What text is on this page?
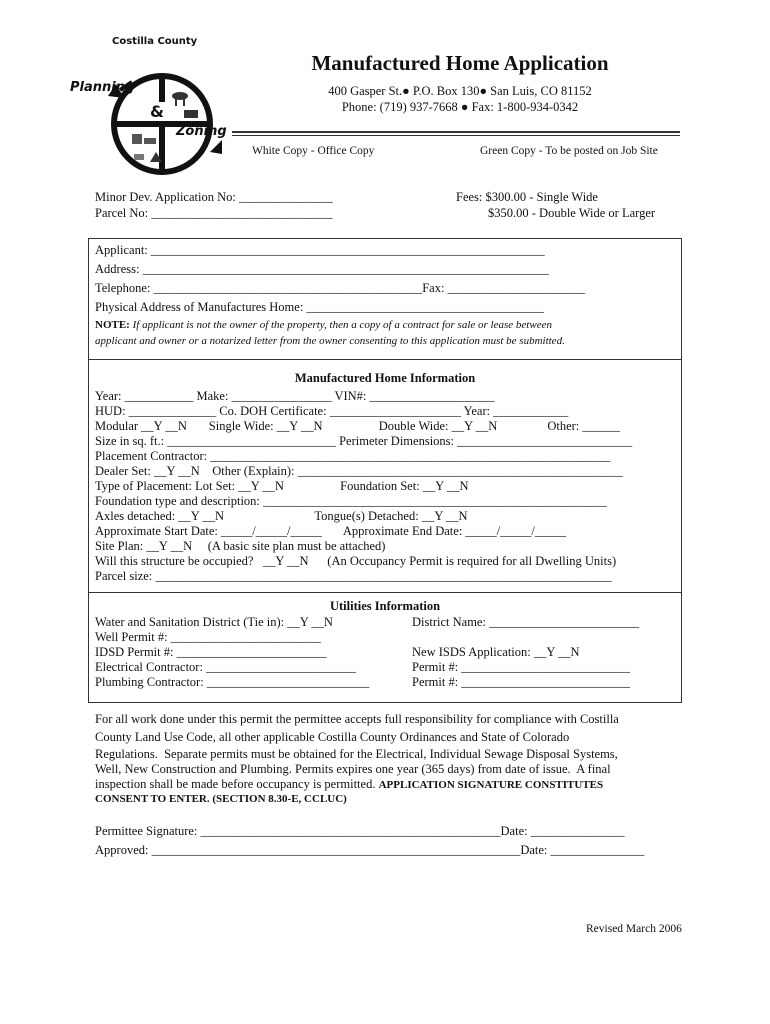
Costilla County

Planning

&

Zoning

Manufactured Home Application
400 Gasper St.● P.O. Box 130● San Luis, CO 81152
Phone: (719) 937-7668 ● Fax: 1-800-934-0342
White Copy - Office Copy	Green Copy - To be posted on Job Site
Minor Dev. Application No: _______________
Parcel No: _____________________________
Fees: $300.00 - Single Wide
$350.00 - Double Wide or Larger
Applicant: _______________________________________________________________
Address: _________________________________________________________________
Telephone: ___________________________________________Fax: ______________________
Physical Address of Manufactures Home: ______________________________________
NOTE: If applicant is not the owner of the property, then a copy of a contract for sale or lease between
applicant and owner or a notarized letter from the owner consenting to this application must be submitted.
Manufactured Home Information
Year: ___________ Make: ________________ VIN#: ____________________
HUD: ______________ Co. DOH Certificate: _____________________ Year: ____________
Modular __Y __N       Single Wide: __Y __N                  Double Wide: __Y __N                Other: ______
Size in sq. ft.: ___________________________ Perimeter Dimensions: ____________________________
Placement Contractor: ________________________________________________________________
Dealer Set: __Y __N    Other (Explain): ____________________________________________________
Type of Placement: Lot Set: __Y __N                  Foundation Set: __Y __N
Foundation type and description: _______________________________________________________
Axles detached: __Y __N                             Tongue(s) Detached: __Y __N
Approximate Start Date: _____/_____/_____       Approximate End Date: _____/_____/_____
Site Plan: __Y __N     (A basic site plan must be attached)
Will this structure be occupied?   __Y __N      (An Occupancy Permit is required for all Dwelling Units)
Parcel size: _________________________________________________________________________
Utilities Information
Water and Sanitation District (Tie in): __Y __N	District Name: ________________________
Well Permit #: ________________________
IDSD Permit #: ________________________	New ISDS Application: __Y __N
Electrical Contractor: ________________________	Permit #: ___________________________
Plumbing Contractor: __________________________	Permit #: ___________________________
For all work done under this permit the permittee accepts full responsibility for compliance with Costilla
County Land Use Code, all other applicable Costilla County Ordinances and State of Colorado
Regulations.  Separate permits must be obtained for the Electrical, Individual Sewage Disposal Systems,
Well, New Construction and Plumbing. Permits expires one year (365 days) from date of issue.  A final
inspection shall be made before occupancy is permitted. APPLICATION SIGNATURE CONSTITUTES
CONSENT TO ENTER. (SECTION 8.30-E, CCLUC)
Permittee Signature: ________________________________________________Date: _______________
Approved: ___________________________________________________________Date: _______________
Revised March 2006
